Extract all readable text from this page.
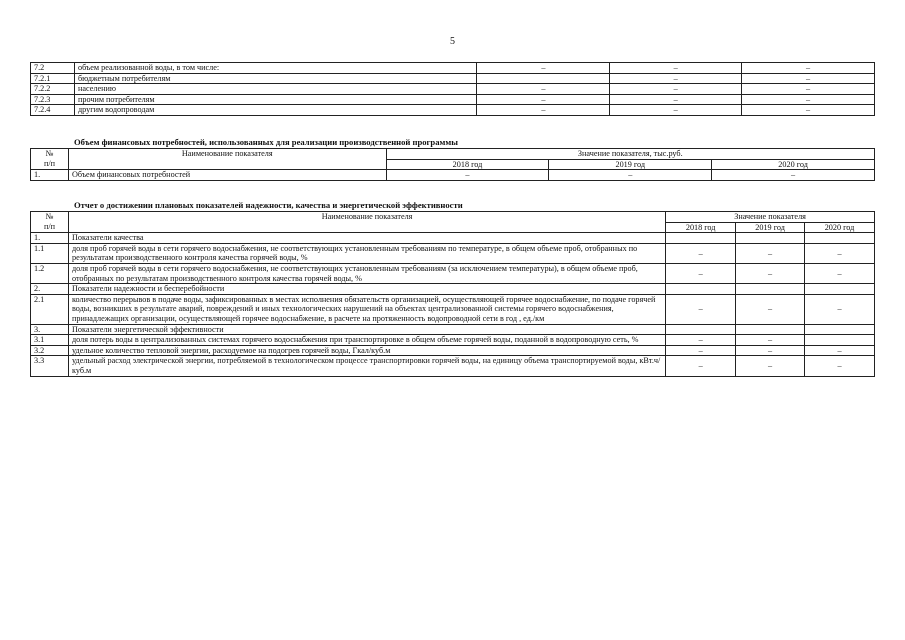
5
7.2	объем реализованной воды, в том числе:	–	–	–
7.2.1	бюджетным потребителям		–	–
7.2.2	населению	–	–	–
7.2.3	прочим потребителям	–	–	–
7.2.4	другим водопроводам	–	–	–
Объем финансовых потребностей, использованных для реализации производственной программы
№
п/п	Наименование показателя	Значение показателя, тыс.руб.		
		2018 год	2019 год	2020 год
1.	Объем финансовых потребностей	–	–	–
Отчет о достижении плановых показателей надежности, качества и энергетической эффективности
№
п/п	Наименование показателя	Значение показателя		
		2018 год	2019 год	2020 год
1.	Показатели качества			
1.1	доля проб горячей воды в сети горячего водоснабжения, не соответствующих установленным требованиям по температуре, в общем объеме проб, отобранных по результатам производственного контроля качества горячей воды, %	–	–	–
1.2	доля проб горячей воды в сети горячего водоснабжения, не соответствующих установленным требованиям (за исключением температуры), в общем объеме проб, отобранных по результатам производственного контроля качества горячей воды, %	–	–	–
2.	Показатели надежности и бесперебойности			
2.1	количество перерывов в подаче воды, зафиксированных в местах исполнения обязательств организацией, осуществляющей горячее водоснабжение, по подаче горячей воды, возникших в результате аварий, повреждений и иных технологических нарушений на объектах централизованной системы горячего водоснабжения, принадлежащих организации, осуществляющей горячее водоснабжение, в расчете на протяженность водопроводной сети в год , ед./км	–	–	–
3.	Показатели энергетической эффективности			
3.1	доля потерь воды в централизованных системах горячего водоснабжения при транспортировке в общем объеме горячей воды, поданной в водопроводную сеть, %	–	–	
3.2	удельное количество тепловой энергии, расходуемое на подогрев горячей воды, Гкал/куб.м	–	–	–
3.3	удельный расход электрической энергии, потребляемой в технологическом процессе транспортировки горячей воды, на единицу объема транспортируемой воды, кВт.ч/куб.м	–	–	–
